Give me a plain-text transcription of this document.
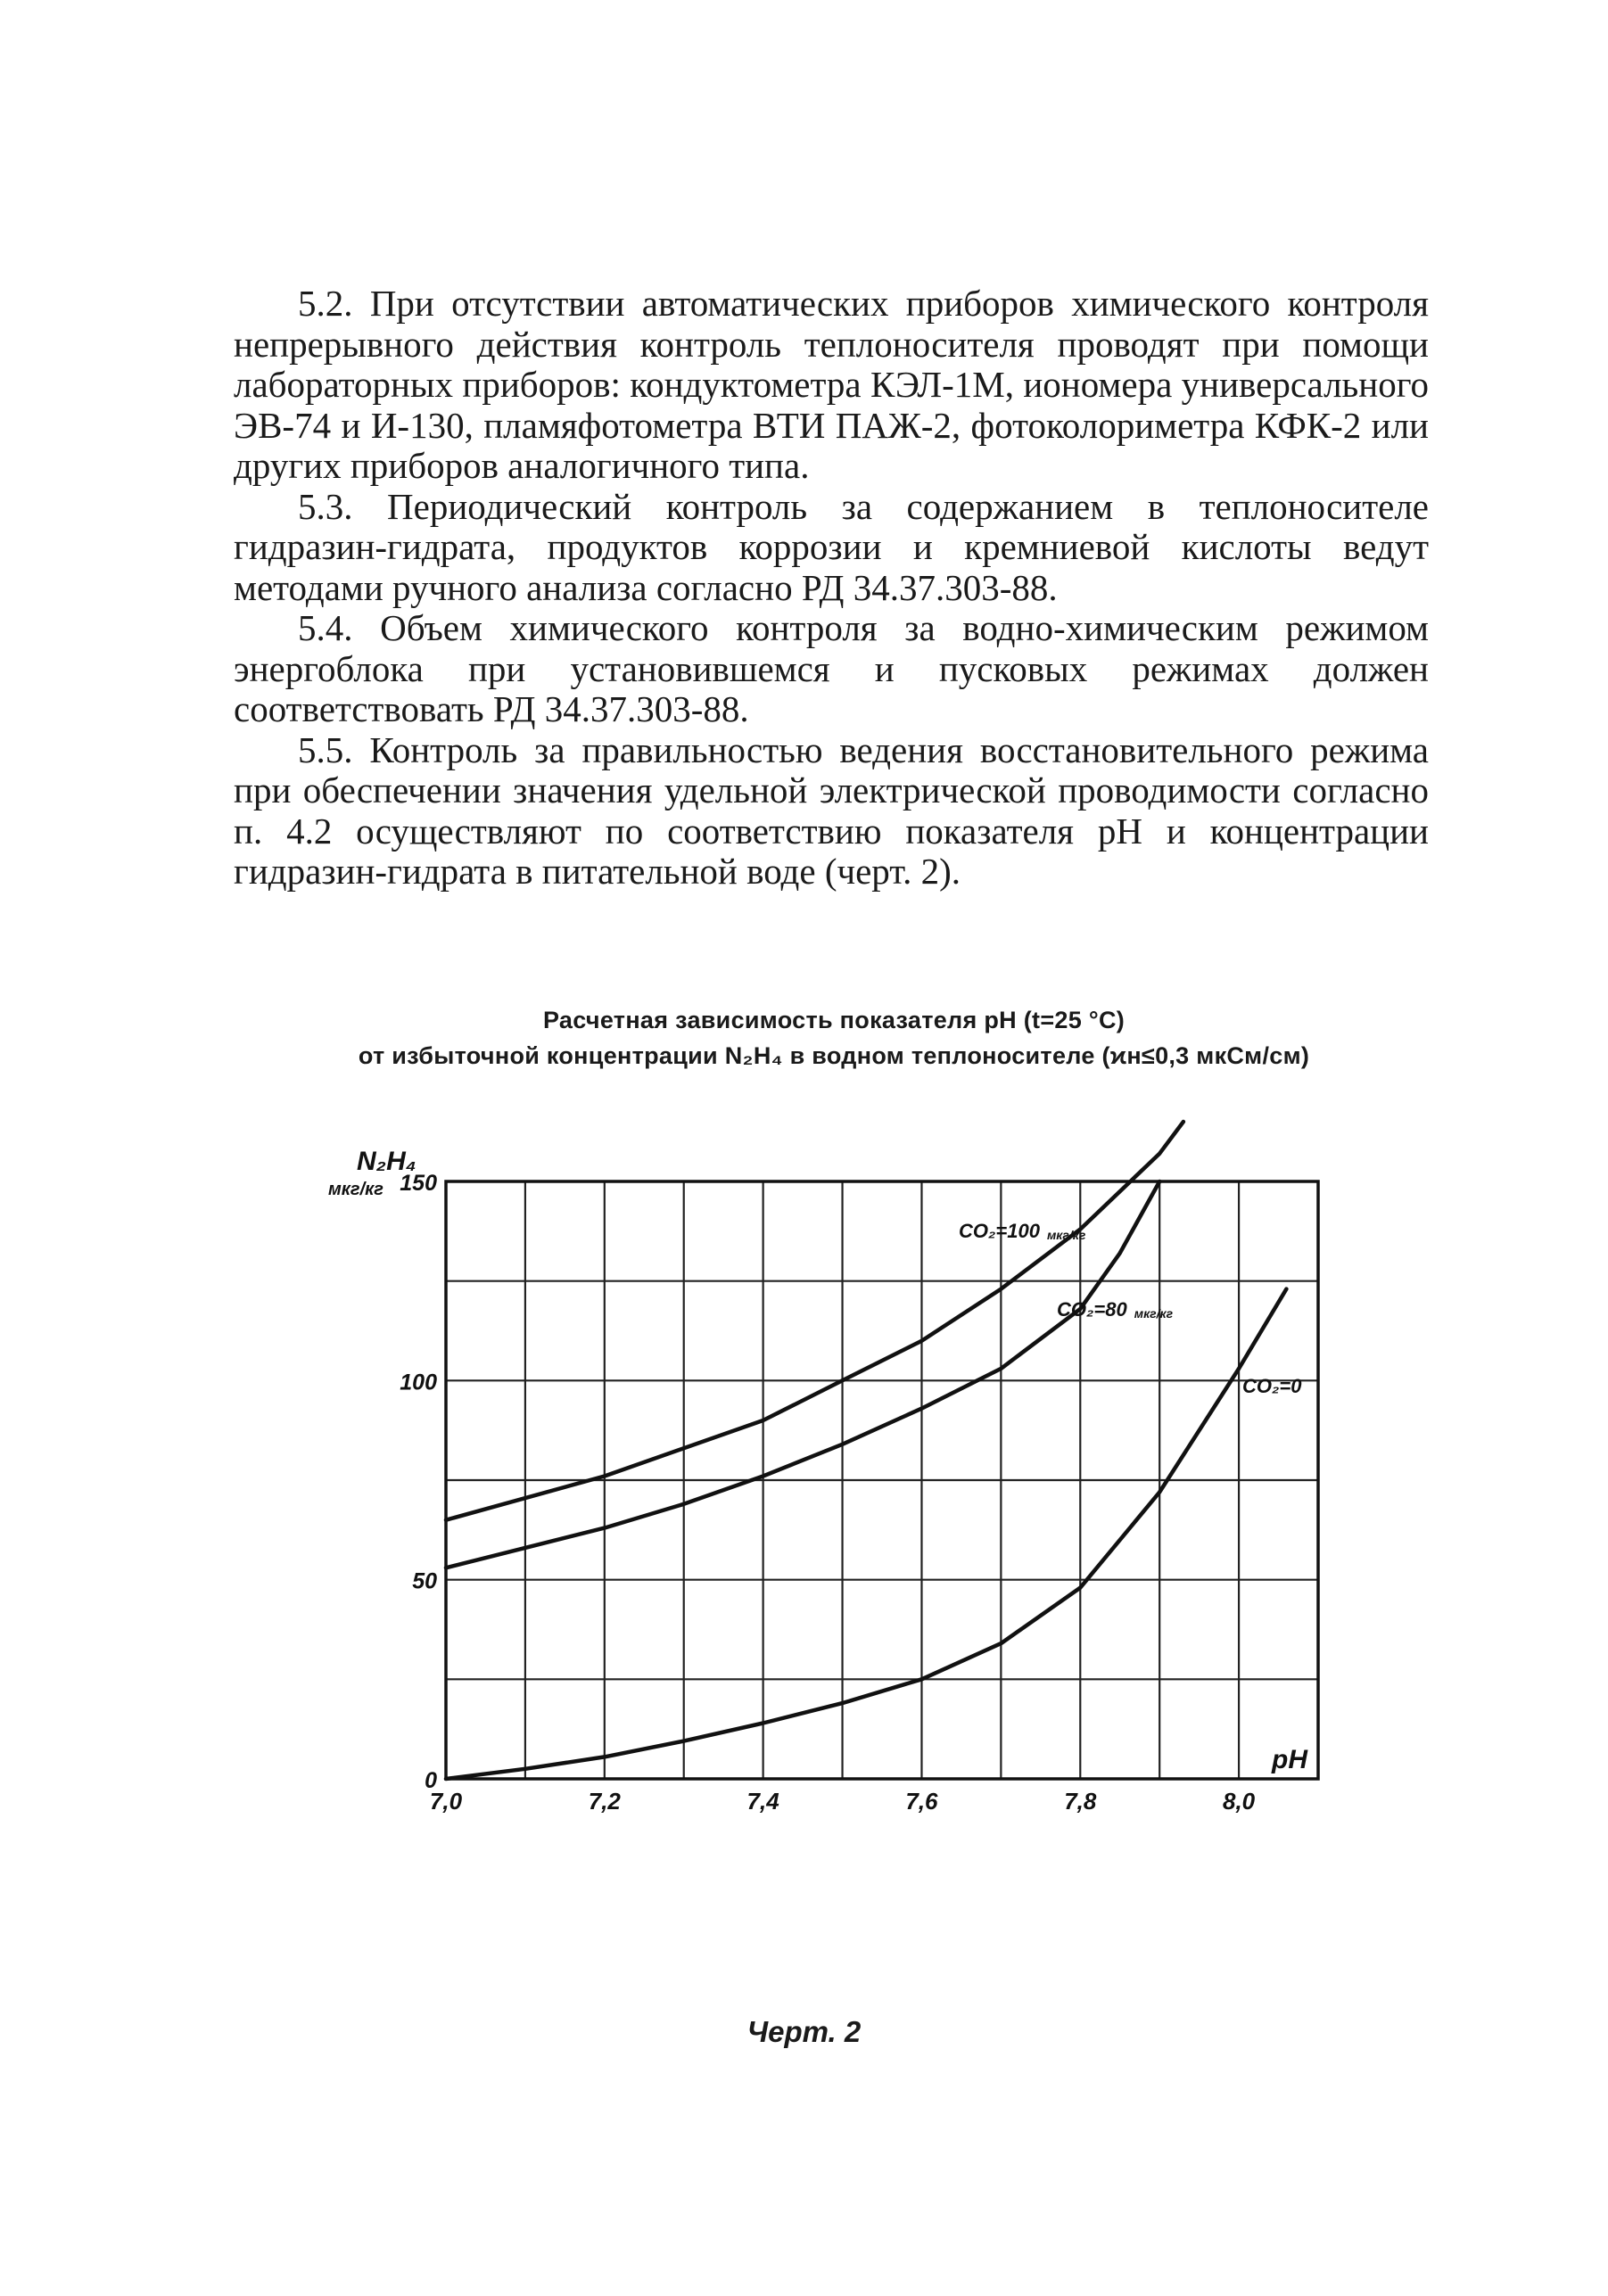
5.2. При отсутствии автоматических приборов химического контроля непрерывного действия контроль теплоносителя проводят при помощи лабораторных приборов: кондуктометра КЭЛ-1М, иономера универсального ЭВ-74 и И-130, пламяфотометра ВТИ ПАЖ-2, фотоколориметра КФК-2 или других приборов аналогичного типа.

5.3. Периодический контроль за содержанием в теплоносителе гидразин-гидрата, продуктов коррозии и кремниевой кислоты ведут методами ручного анализа согласно РД 34.37.303-88.

5.4. Объем химического контроля за водно-химическим режимом энергоблока при установившемся и пусковых режимах должен соответствовать РД 34.37.303-88.

5.5. Контроль за правильностью ведения восстановительного режима при обеспечении значения удельной электрической проводимости согласно п. 4.2 осуществляют по соответствию показателя pH и концентрации гидразин-гидрата в питательной воде (черт. 2).

Расчетная зависимость показателя pH (t=25 °C)
от избыточной концентрации N₂H₄ в водном теплоносителе (ϰн≤0,3 мкСм/см)
7,0	7,2	7,4	7,6	7,8	8,0
0
50
100
150
pH
N₂H₄
мкг/кг
CO₂=100 мкг/кг
CO₂=80 мкг/кг
CO₂=0
Черт. 2
